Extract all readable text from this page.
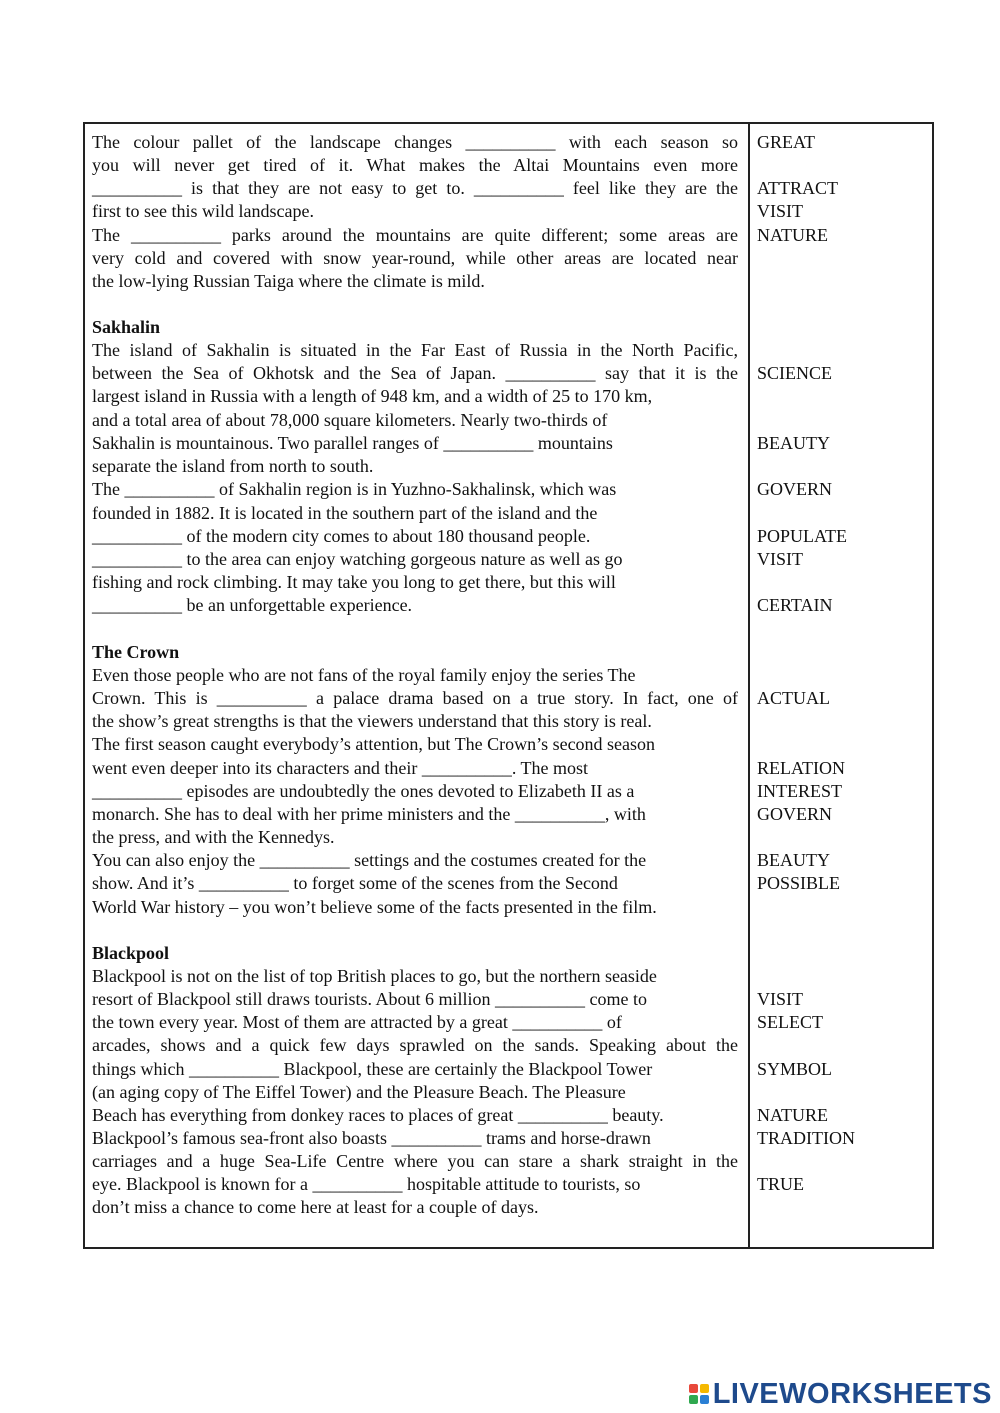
The colour pallet of the landscape changes __________ with each season so
you will never get tired of it. What makes the Altai Mountains even more
__________ is that they are not easy to get to. __________ feel like they are the
first to see this wild landscape.
The __________ parks around the mountains are quite different; some areas are
very cold and covered with snow year-round, while other areas are located near
the low-lying Russian Taiga where the climate is mild.
Sakhalin
The island of Sakhalin is situated in the Far East of Russia in the North Pacific,
between the Sea of Okhotsk and the Sea of Japan. __________ say that it is the
largest island in Russia with a length of 948 km, and a width of 25 to 170 km,
and a total area of about 78,000 square kilometers. Nearly two-thirds of
Sakhalin is mountainous. Two parallel ranges of __________ mountains
separate the island from north to south.
The __________ of Sakhalin region is in Yuzhno-Sakhalinsk, which was
founded in 1882. It is located in the southern part of the island and the
__________ of the modern city comes to about 180 thousand people.
__________ to the area can enjoy watching gorgeous nature as well as go
fishing and rock climbing. It may take you long to get there, but this will
__________ be an unforgettable experience.
The Crown
Even those people who are not fans of the royal family enjoy the series The
Crown. This is __________ a palace drama based on a true story. In fact, one of
the show’s great strengths is that the viewers understand that this story is real.
The first season caught everybody’s attention, but The Crown’s second season
went even deeper into its characters and their __________. The most
__________ episodes are undoubtedly the ones devoted to Elizabeth II as a
monarch. She has to deal with her prime ministers and the __________, with
the press, and with the Kennedys.
You can also enjoy the __________ settings and the costumes created for the
show. And it’s __________ to forget some of the scenes from the Second
World War history – you won’t believe some of the facts presented in the film.
Blackpool
Blackpool is not on the list of top British places to go, but the northern seaside
resort of Blackpool still draws tourists. About 6 million __________ come to
the town every year. Most of them are attracted by a great __________ of
arcades, shows and a quick few days sprawled on the sands. Speaking about the
things which __________ Blackpool, these are certainly the Blackpool Tower
(an aging copy of The Eiffel Tower) and the Pleasure Beach. The Pleasure
Beach has everything from donkey races to places of great __________ beauty.
Blackpool’s famous sea-front also boasts __________ trams and horse-drawn
carriages and a huge Sea-Life Centre where you can stare a shark straight in the
eye. Blackpool is known for a __________ hospitable attitude to tourists, so
don’t miss a chance to come here at least for a couple of days.
GREAT
ATTRACT
VISIT
NATURE
SCIENCE
BEAUTY
GOVERN
POPULATE
VISIT
CERTAIN
ACTUAL
RELATION
INTEREST
GOVERN
BEAUTY
POSSIBLE
VISIT
SELECT
SYMBOL
NATURE
TRADITION
TRUE
LIVEWORKSHEETS
